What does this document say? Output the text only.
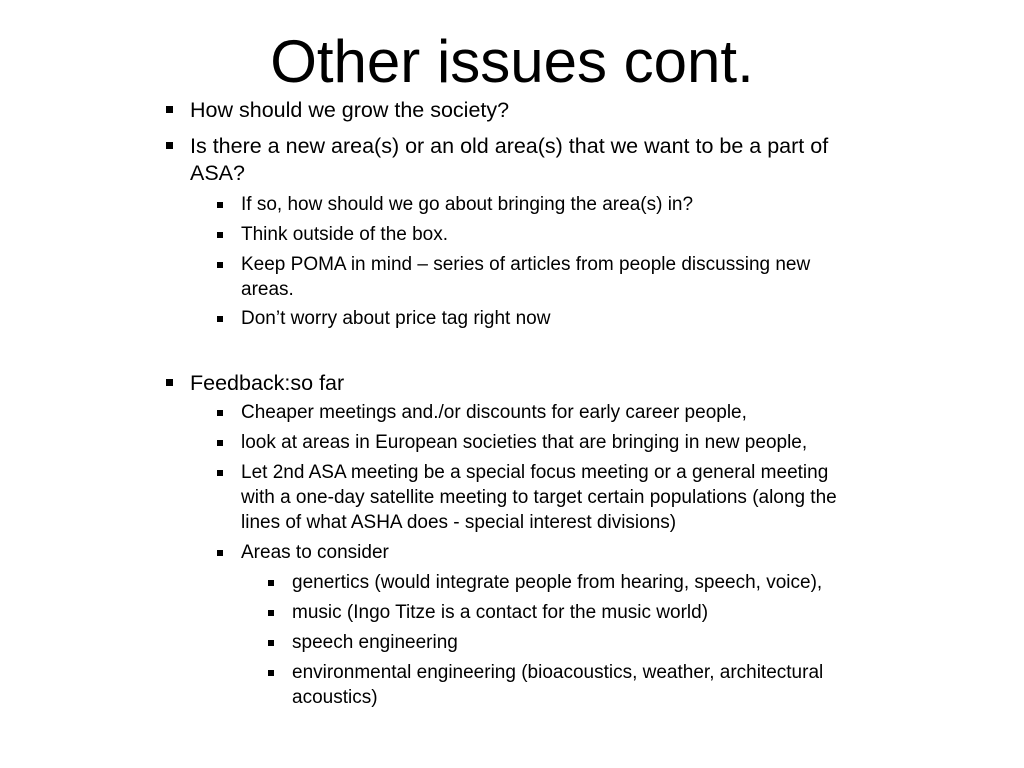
Other issues cont.
How should we grow the society?
Is there a new area(s) or an old area(s) that we want to be a part of
ASA?
If so, how should we go about bringing the area(s) in?
Think outside of the box.
Keep POMA in mind – series of articles from people discussing new
areas.
Don’t worry about price tag right now
Feedback:so far
Cheaper meetings and./or discounts for early career people,
look at areas in European societies that are bringing in new people,
Let 2nd ASA meeting be a special focus meeting or a general meeting
with a one-day satellite meeting to target certain populations (along the
lines of what ASHA does - special interest divisions)
Areas to consider
genertics (would integrate people from hearing, speech, voice),
music (Ingo Titze is a contact for the music world)
speech engineering
environmental engineering (bioacoustics, weather, architectural
acoustics)
